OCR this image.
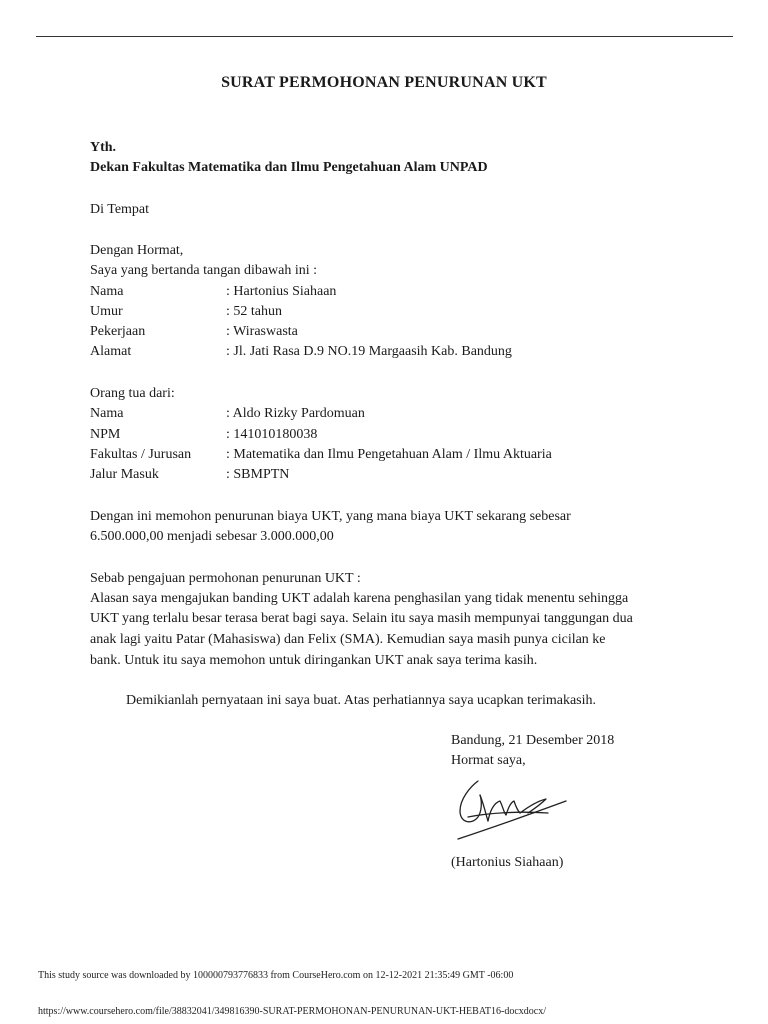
SURAT PERMOHONAN PENURUNAN UKT
Yth.
Dekan Fakultas Matematika dan Ilmu Pengetahuan Alam UNPAD
Di Tempat
Dengan Hormat,
Saya yang bertanda tangan dibawah ini :
Nama	: Hartonius Siahaan
Umur	: 52 tahun
Pekerjaan	: Wiraswasta
Alamat	: Jl. Jati Rasa D.9 NO.19 Margaasih Kab. Bandung
Orang tua dari:
Nama	: Aldo Rizky Pardomuan
NPM	: 141010180038
Fakultas / Jurusan : Matematika dan Ilmu Pengetahuan Alam / Ilmu Aktuaria
Jalur Masuk	: SBMPTN
Dengan ini memohon penurunan biaya UKT, yang mana biaya UKT sekarang sebesar
6.500.000,00 menjadi sebesar 3.000.000,00
Sebab pengajuan permohonan penurunan UKT :
Alasan saya mengajukan banding UKT adalah karena penghasilan yang tidak menentu sehingga
UKT yang terlalu besar terasa berat bagi saya. Selain itu saya masih mempunyai tanggungan dua
anak lagi yaitu Patar (Mahasiswa) dan Felix (SMA). Kemudian saya masih punya cicilan ke
bank. Untuk itu saya memohon untuk diringankan UKT anak saya terima kasih.
Demikianlah pernyataan ini saya buat. Atas perhatiannya saya ucapkan terimakasih.
Bandung, 21 Desember 2018
Hormat saya,
(Hartonius Siahaan)
This study source was downloaded by 100000793776833 from CourseHero.com on 12-12-2021 21:35:49 GMT -06:00
https://www.coursehero.com/file/38832041/349816390-SURAT-PERMOHONAN-PENURUNAN-UKT-HEBAT16-docxdocx/
